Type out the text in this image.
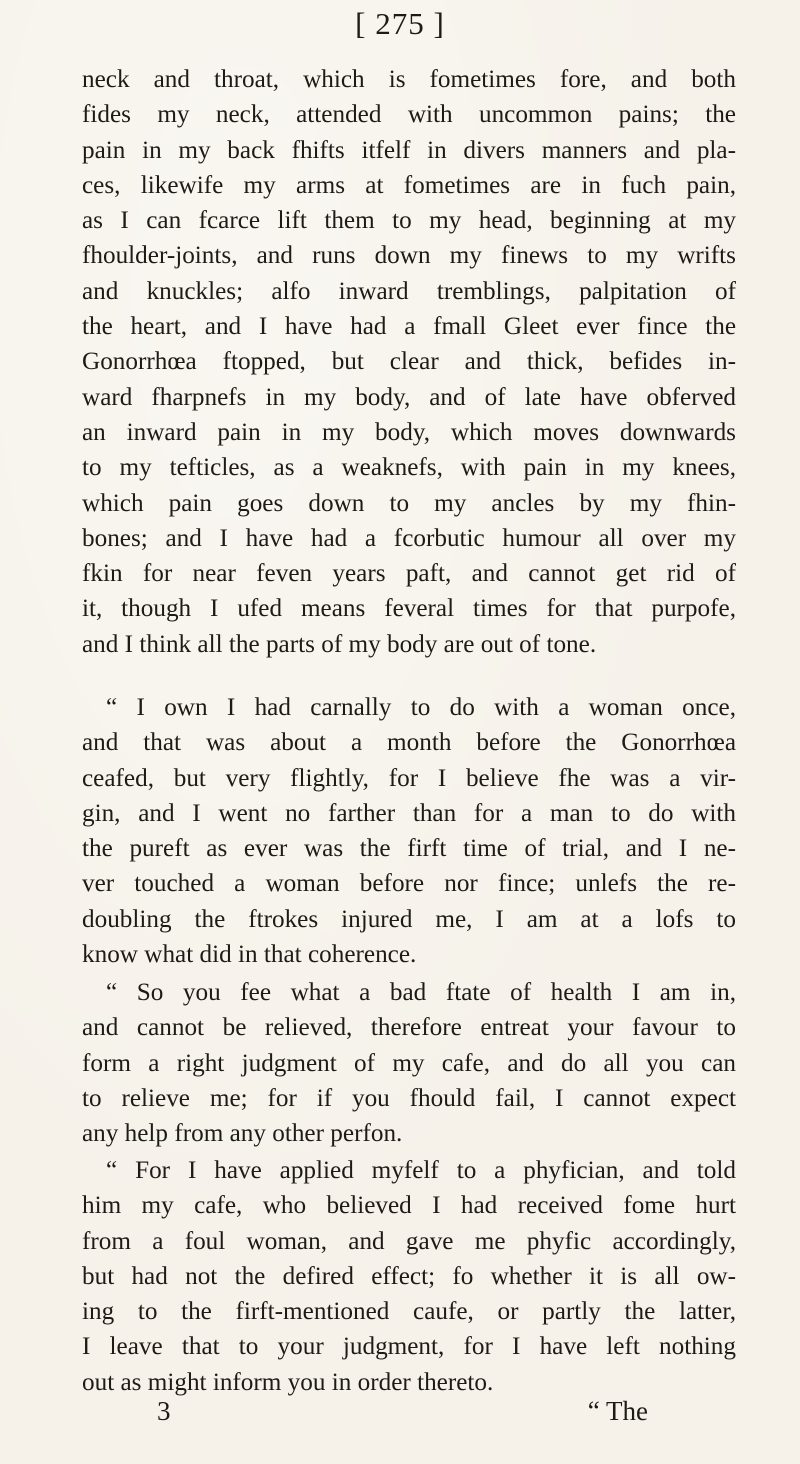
[ 275 ]
neck and throat, which is fometimes fore, and both
fides my neck, attended with uncommon pains; the
pain in my back fhifts itfelf in divers manners and pla-
ces, likewife my arms at fometimes are in fuch pain,
as I can fcarce lift them to my head, beginning at my
fhoulder-joints, and runs down my finews to my wrifts
and knuckles; alfo inward tremblings, palpitation of
the heart, and I have had a fmall Gleet ever fince the
Gonorrhœa ftopped, but clear and thick, befides in-
ward fharpnefs in my body, and of late have obferved
an inward pain in my body, which moves downwards
to my tefticles, as a weaknefs, with pain in my knees,
which pain goes down to my ancles by my fhin-
bones; and I have had a fcorbutic humour all over my
fkin for near feven years paft, and cannot get rid of
it, though I ufed means feveral times for that purpofe,
and I think all the parts of my body are out of tone.
“ I own I had carnally to do with a woman once,
and that was about a month before the Gonorrhœa
ceafed, but very flightly, for I believe fhe was a vir-
gin, and I went no farther than for a man to do with
the pureft as ever was the firft time of trial, and I ne-
ver touched a woman before nor fince; unlefs the re-
doubling the ftrokes injured me, I am at a lofs to
know what did in that coherence.
“ So you fee what a bad ftate of health I am in,
and cannot be relieved, therefore entreat your favour to
form a right judgment of my cafe, and do all you can
to relieve me; for if you fhould fail, I cannot expect
any help from any other perfon.
“ For I have applied myfelf to a phyfician, and told
him my cafe, who believed I had received fome hurt
from a foul woman, and gave me phyfic accordingly,
but had not the defired effect; fo whether it is all ow-
ing to the firft-mentioned caufe, or partly the latter,
I leave that to your judgment, for I have left nothing
out as might inform you in order thereto.
3	“ The
